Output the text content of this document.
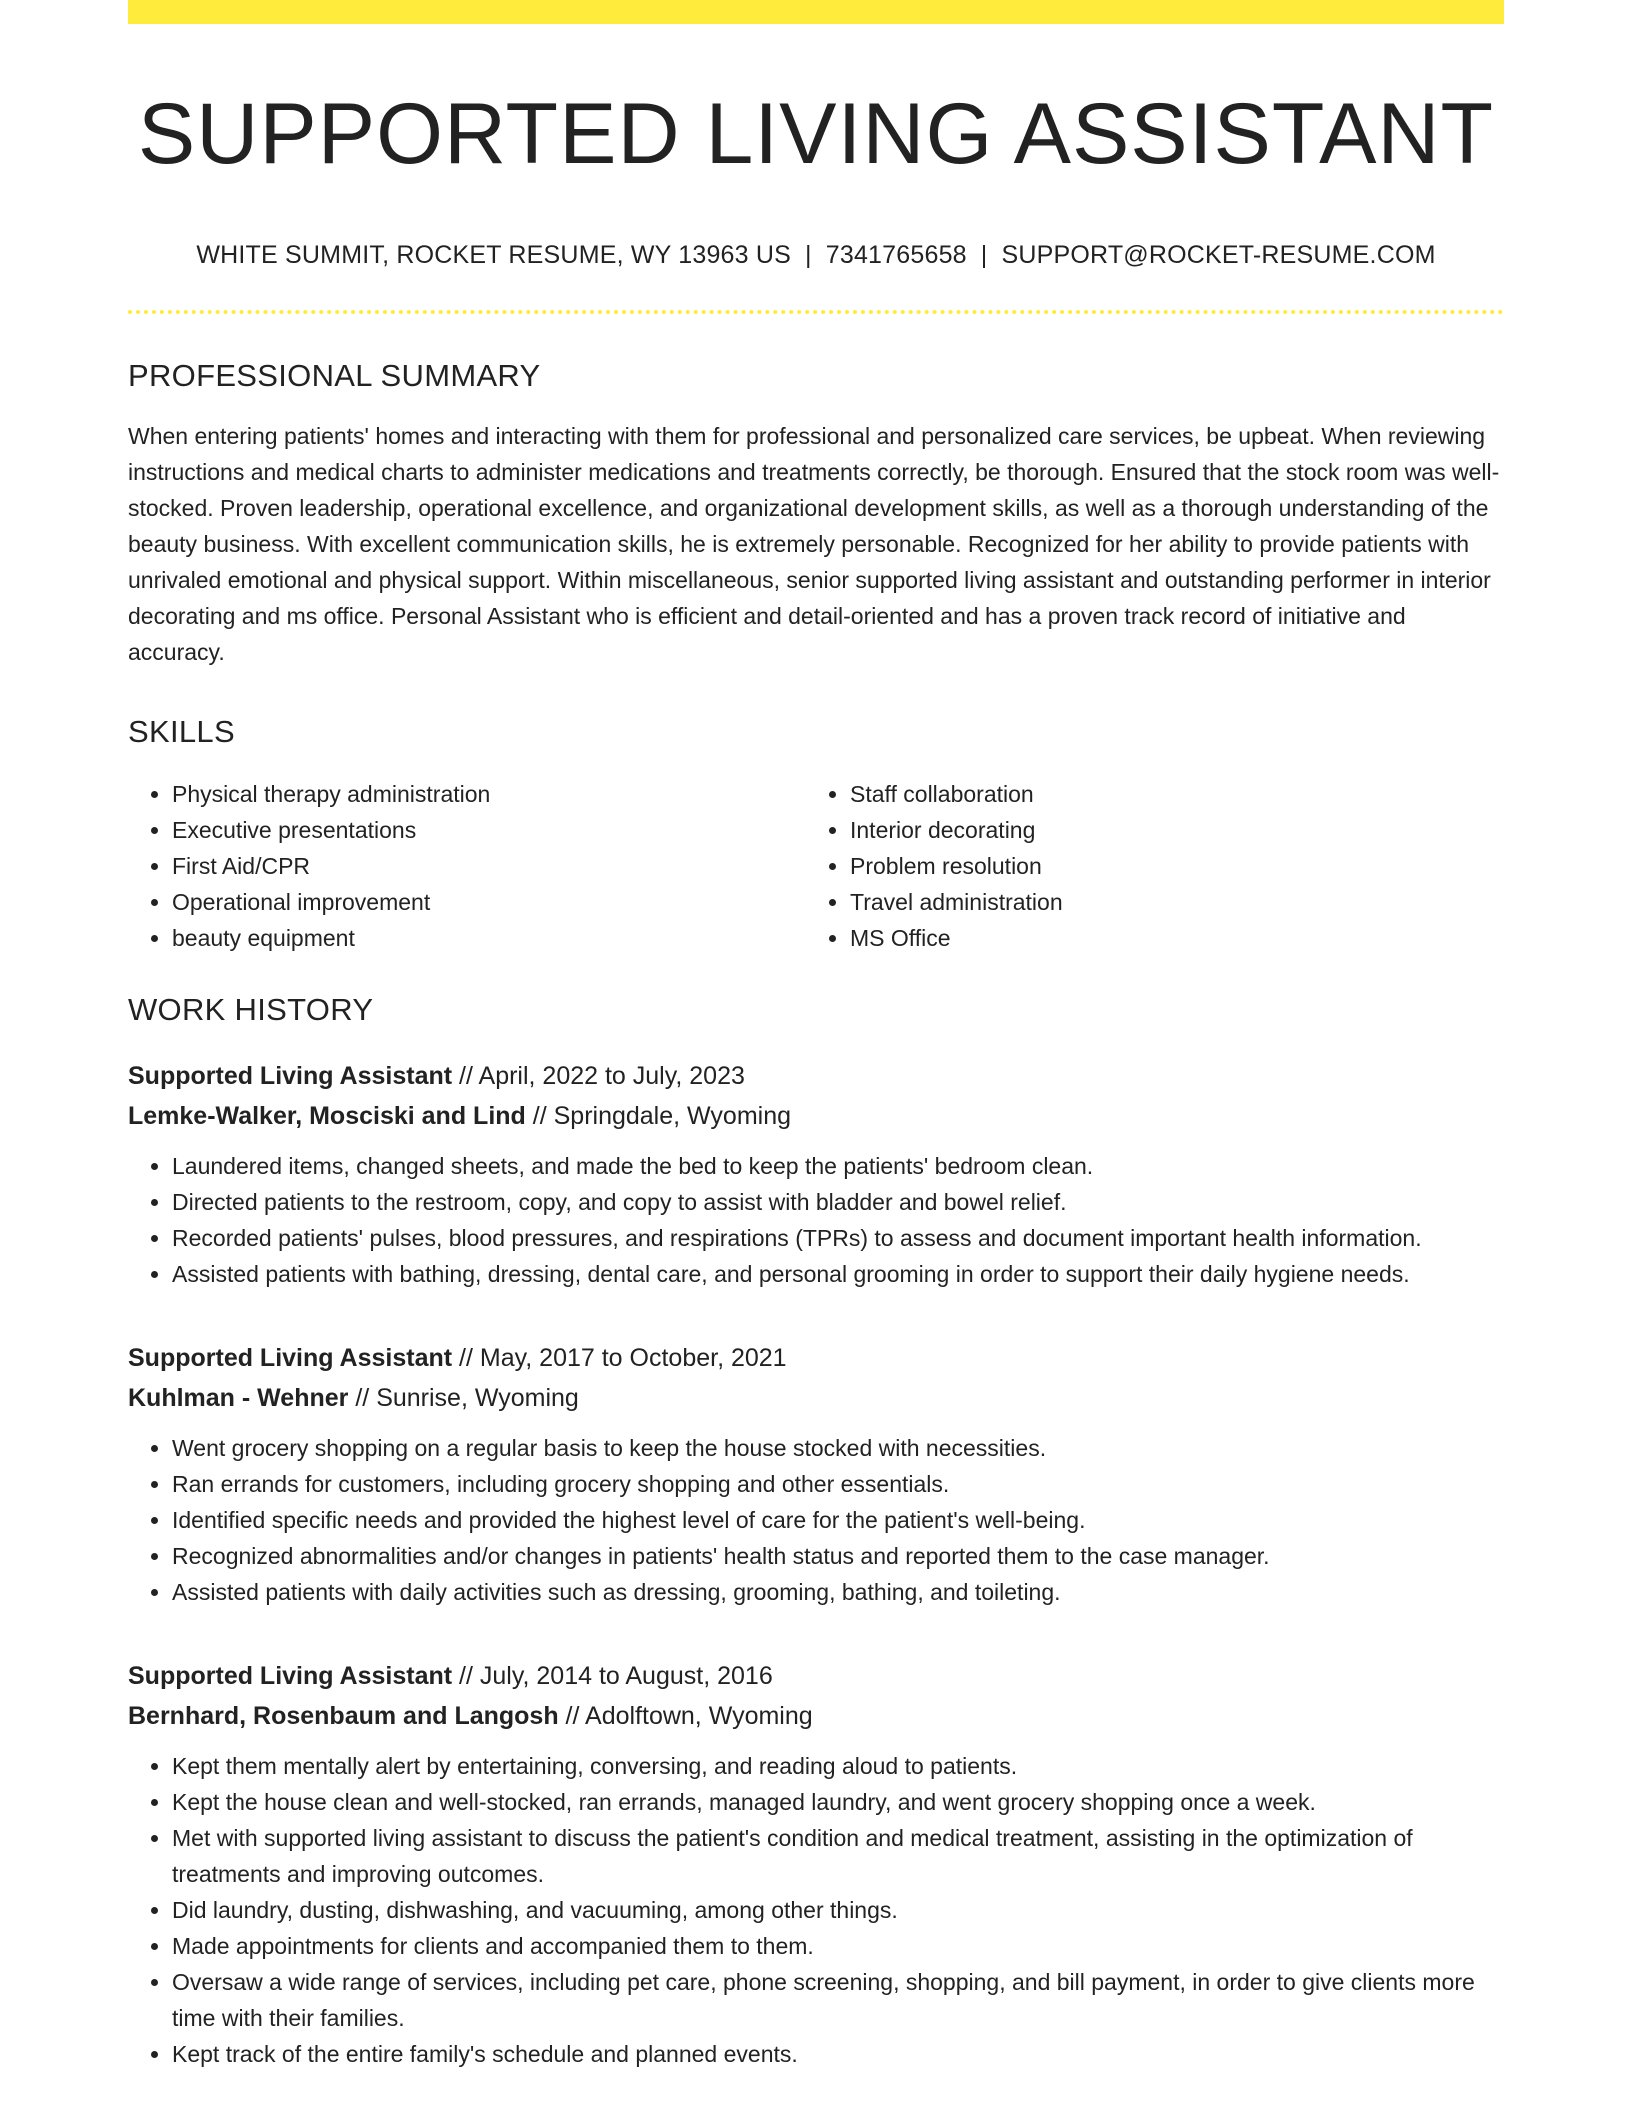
SUPPORTED LIVING ASSISTANT
WHITE SUMMIT, ROCKET RESUME, WY 13963 US | 7341765658 | SUPPORT@ROCKET-RESUME.COM
PROFESSIONAL SUMMARY
When entering patients' homes and interacting with them for professional and personalized care services, be upbeat. When reviewing instructions and medical charts to administer medications and treatments correctly, be thorough. Ensured that the stock room was well-stocked. Proven leadership, operational excellence, and organizational development skills, as well as a thorough understanding of the beauty business. With excellent communication skills, he is extremely personable. Recognized for her ability to provide patients with unrivaled emotional and physical support. Within miscellaneous, senior supported living assistant and outstanding performer in interior decorating and ms office. Personal Assistant who is efficient and detail-oriented and has a proven track record of initiative and accuracy.
SKILLS
• Physical therapy administration
• Executive presentations
• First Aid/CPR
• Operational improvement
• beauty equipment
• Staff collaboration
• Interior decorating
• Problem resolution
• Travel administration
• MS Office
WORK HISTORY
Supported Living Assistant // April, 2022 to July, 2023
Lemke-Walker, Mosciski and Lind // Springdale, Wyoming
• Laundered items, changed sheets, and made the bed to keep the patients' bedroom clean.
• Directed patients to the restroom, copy, and copy to assist with bladder and bowel relief.
• Recorded patients' pulses, blood pressures, and respirations (TPRs) to assess and document important health information.
• Assisted patients with bathing, dressing, dental care, and personal grooming in order to support their daily hygiene needs.
Supported Living Assistant // May, 2017 to October, 2021
Kuhlman - Wehner // Sunrise, Wyoming
• Went grocery shopping on a regular basis to keep the house stocked with necessities.
• Ran errands for customers, including grocery shopping and other essentials.
• Identified specific needs and provided the highest level of care for the patient's well-being.
• Recognized abnormalities and/or changes in patients' health status and reported them to the case manager.
• Assisted patients with daily activities such as dressing, grooming, bathing, and toileting.
Supported Living Assistant // July, 2014 to August, 2016
Bernhard, Rosenbaum and Langosh // Adolftown, Wyoming
• Kept them mentally alert by entertaining, conversing, and reading aloud to patients.
• Kept the house clean and well-stocked, ran errands, managed laundry, and went grocery shopping once a week.
• Met with supported living assistant to discuss the patient's condition and medical treatment, assisting in the optimization of treatments and improving outcomes.
• Did laundry, dusting, dishwashing, and vacuuming, among other things.
• Made appointments for clients and accompanied them to them.
• Oversaw a wide range of services, including pet care, phone screening, shopping, and bill payment, in order to give clients more time with their families.
• Kept track of the entire family's schedule and planned events.
